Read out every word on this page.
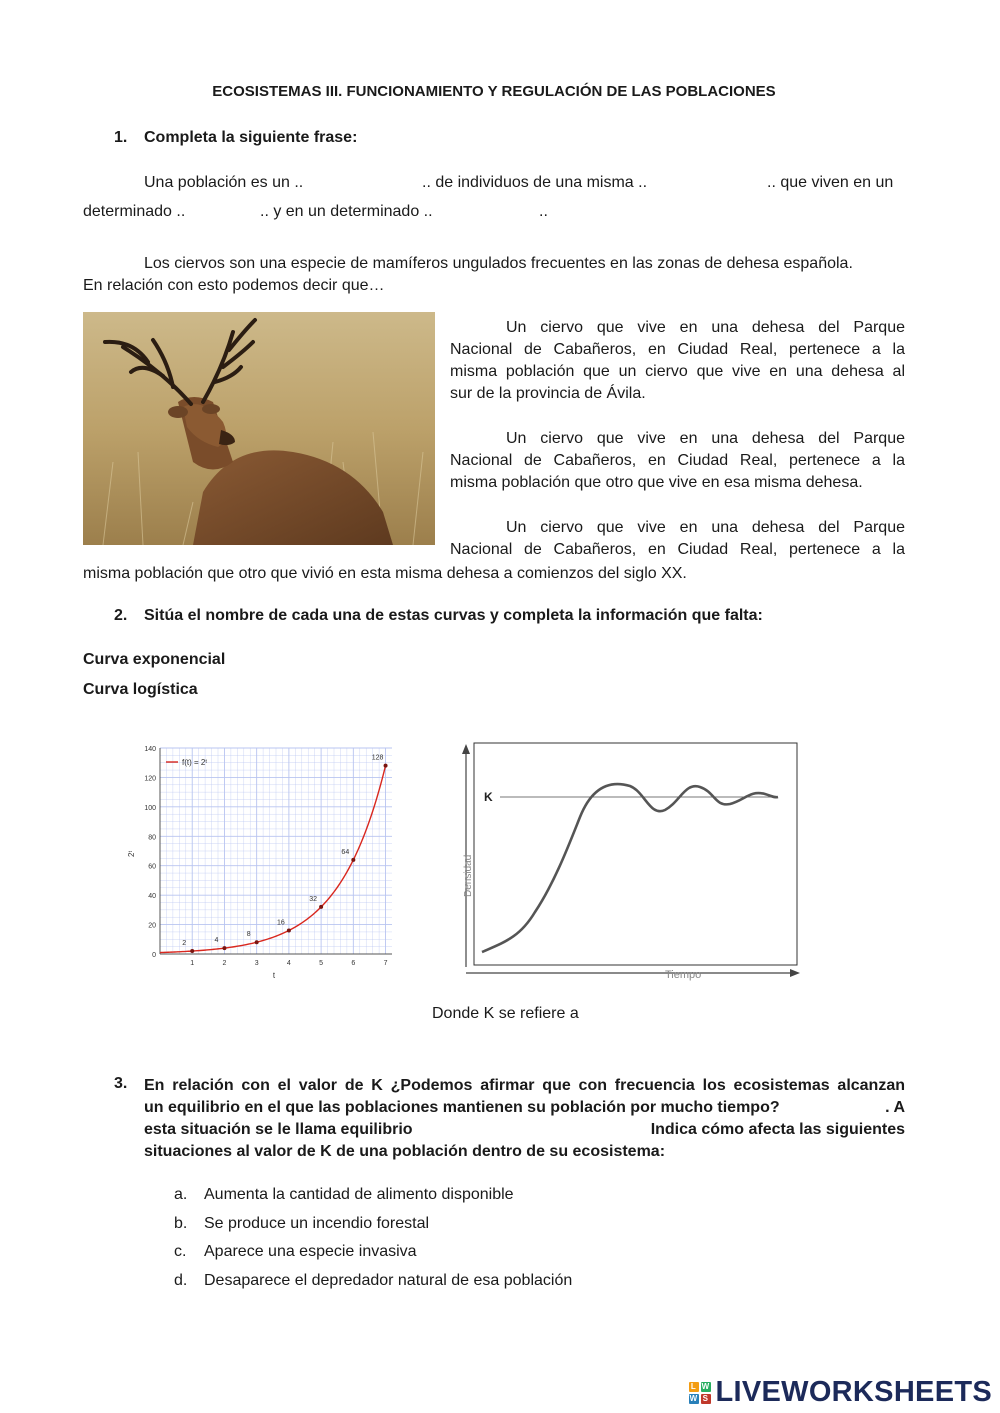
ECOSISTEMAS III. FUNCIONAMIENTO Y REGULACIÓN DE LAS POBLACIONES
1. Completa la siguiente frase:
Una población es un ..	.. de individuos de una misma ..	.. que viven en un
determinado ..	.. y en un determinado ..	..
Los ciervos son una especie de mamíferos ungulados frecuentes en las zonas de dehesa española.
En relación con esto podemos decir que…
Un ciervo que vive en una dehesa del Parque
Nacional de Cabañeros, en Ciudad Real, pertenece a la
misma población que un ciervo que vive en una dehesa al
sur de la provincia de Ávila.
Un ciervo que vive en una dehesa del Parque
Nacional de Cabañeros, en Ciudad Real, pertenece a la
misma población que otro que vive en esa misma dehesa.
Un ciervo que vive en una dehesa del Parque
Nacional de Cabañeros, en Ciudad Real, pertenece a la
misma población que otro que vivió en esta misma dehesa a comienzos del siglo XX.
2. Sitúa el nombre de cada una de estas curvas y completa la información que falta:
Curva exponencial
Curva logística
0
20
40
60
80
100
120
140
1	2	3	4	5	6	7
t
2ᵗ
2	4
8
16
32
64
128
f(t) = 2ᵗ
K
Densidad
Tiempo
Donde K se refiere a
3.	En relación con el valor de K ¿Podemos afirmar que con frecuencia los ecosistemas alcanzan
un equilibrio en el que las poblaciones mantienen su población por mucho tiempo?	. A
esta situación se le llama equilibrio	Indica cómo afecta las siguientes
situaciones al valor de K de una población dentro de su ecosistema:
a. Aumenta la cantidad de alimento disponible
b. Se produce un incendio forestal
c. Aparece una especie invasiva
d. Desaparece el depredador natural de esa población
L W
W S LIVEWORKSHEETS
